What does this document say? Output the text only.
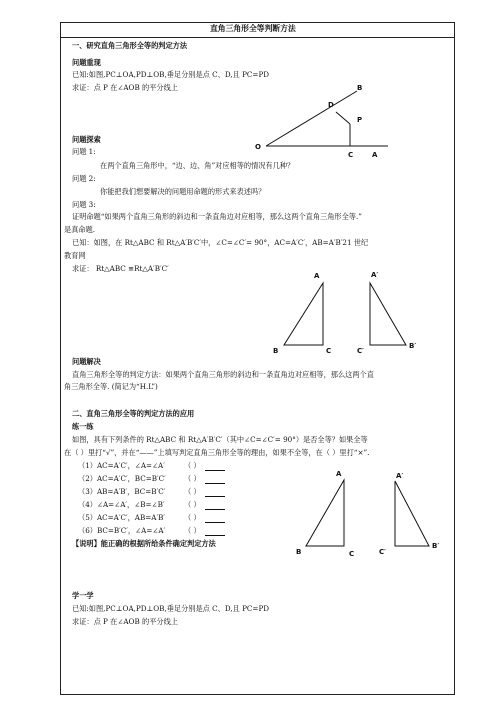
直角三角形全等判断方法
一、研究直角三角形全等的判定方法
问题重现
已知:如图,PC⊥OA,PD⊥OB,垂足分别是点 C、D,且 PC=PD
求证：点 P 在∠AOB 的平分线上
O
D
B
P
C	A
问题探索
问题 1:
在两个直角三角形中，“边、边、角”对应相等的情况有几种？
问题 2:
你能把我们想要解决的问题用命题的形式来表述吗？
问题 3:
证明命题“如果两个直角三角形的斜边和一条直角边对应相等，那么这两个直角三角形全等.”
是真命题.
已知：如图，在 Rt△ABC 和 Rt△A′B′C′中，∠C=∠C′= 90°，AC=A′C′，AB=A′B′21 世纪
教育网
求证： Rt△ABC ≌Rt△A′B′C′
A
B	C
A′
B′
C′
问题解决
直角三角形全等的判定方法：如果两个直角三角形的斜边和一条直角边对应相等，那么这两个直
角三角形全等. (简记为“H.L”)
二、直角三角形全等的判定方法的应用
练一练
如图，具有下列条件的 Rt△ABC 和 Rt△A′B′C′（其中∠C=∠C′= 90°）是否全等？如果全等
在（ ）里打“√”，并在“——”上填写判定直角三角形全等的理由，如果不全等，在（ ）里打“×”.
（1）AC=A′C′，∠A=∠A′	（ ）
（2）AC=A′C′，BC=B′C′	（ ）
（3）AB=A′B′，BC=B′C′	（ ）
（4）∠A=∠A′，∠B=∠B′	（ ）
（5）AC=A′C′，AB=A′B′	（ ）
（6）BC=B′C′，∠A=∠A′	（ ）
【说明】能正确的根据所给条件确定判定方法
A
B	C
A′
B′
C′
学一学
已知:如图,PC⊥OA,PD⊥OB,垂足分别是点 C、D,且 PC=PD
求证：点 P 在∠AOB 的平分线上
